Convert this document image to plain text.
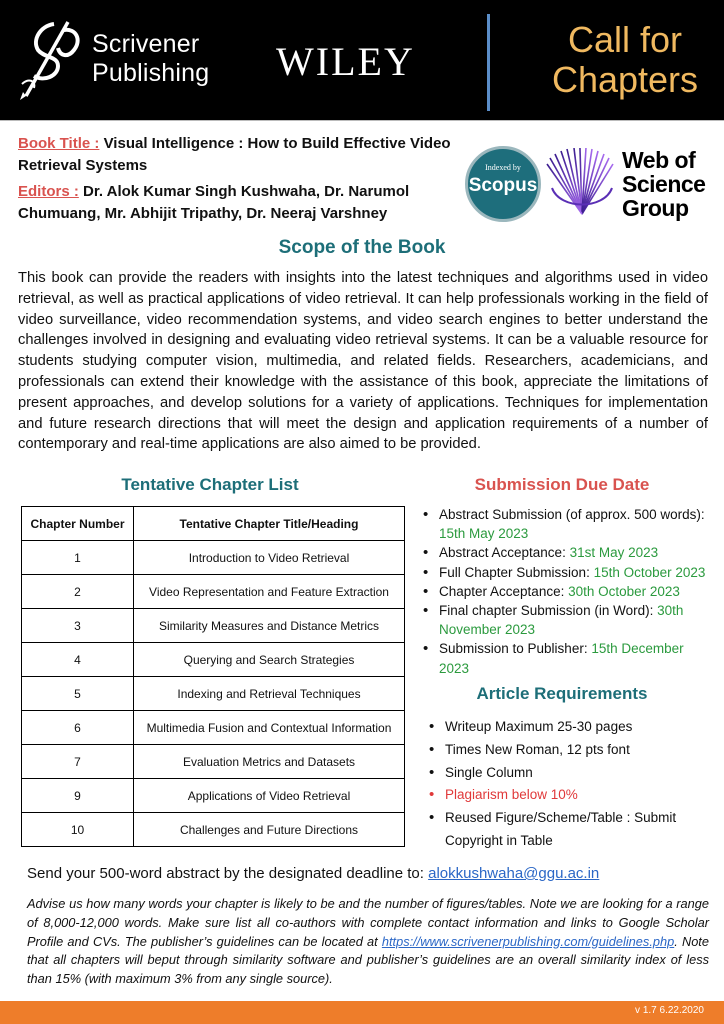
Scrivener
Publishing WILEY	Call for
Chapters

Book Title : Visual Intelligence : How to Build Effective Video Retrieval Systems

Editors : Dr. Alok Kumar Singh Kushwaha, Dr. Narumol Chumuang, Mr. Abhijit Tripathy, Dr. Neeraj Varshney

Indexed by
Scopus
Web of
Science
Group
Scope of the Book
This book can provide the readers with insights into the latest techniques and algorithms used in video retrieval, as well as practical applications of video retrieval. It can help professionals working in the field of video surveillance, video recommendation systems, and video search engines to better understand the challenges involved in designing and evaluating video retrieval systems. It can be a valuable resource for students studying computer vision, multimedia, and related fields. Researchers, academicians, and professionals can extend their knowledge with the assistance of this book, appreciate the limitations of present approaches, and develop solutions for a variety of applications. Techniques for implementation and future research directions that will meet the design and application requirements of a number of contemporary and real-time applications are also aimed to be provided.
Tentative Chapter List
Chapter Number	Tentative Chapter Title/Heading
1	Introduction to Video Retrieval
2	Video Representation and Feature Extraction
3	Similarity Measures and Distance Metrics
4	Querying and Search Strategies
5	Indexing and Retrieval Techniques
6	Multimedia Fusion and Contextual Information
7	Evaluation Metrics and Datasets
9	Applications of Video Retrieval
10	Challenges and Future Directions
Submission Due Date
• Abstract Submission (of approx. 500 words): 15th May 2023
• Abstract Acceptance: 31st May 2023
• Full Chapter Submission: 15th October 2023
• Chapter Acceptance: 30th October 2023
• Final chapter Submission (in Word): 30th November 2023
• Submission to Publisher: 15th December 2023
Article Requirements
• Writeup Maximum 25-30 pages
• Times New Roman, 12 pts font
• Single Column
• Plagiarism below 10%
• Reused Figure/Scheme/Table : Submit Copyright in Table
Send your 500-word abstract by the designated deadline to: alokkushwaha@ggu.ac.in
Advise us how many words your chapter is likely to be and the number of figures/tables. Note we are looking for a range of 8,000-12,000 words. Make sure list all co-authors with complete contact information and links to Google Scholar Profile and CVs. The publisher’s guidelines can be located at https://www.scrivenerpublishing.com/guidelines.php. Note that all chapters will beput through similarity software and publisher’s guidelines are an overall similarity index of less than 15% (with maximum 3% from any single source).
v 1.7 6.22.2020
